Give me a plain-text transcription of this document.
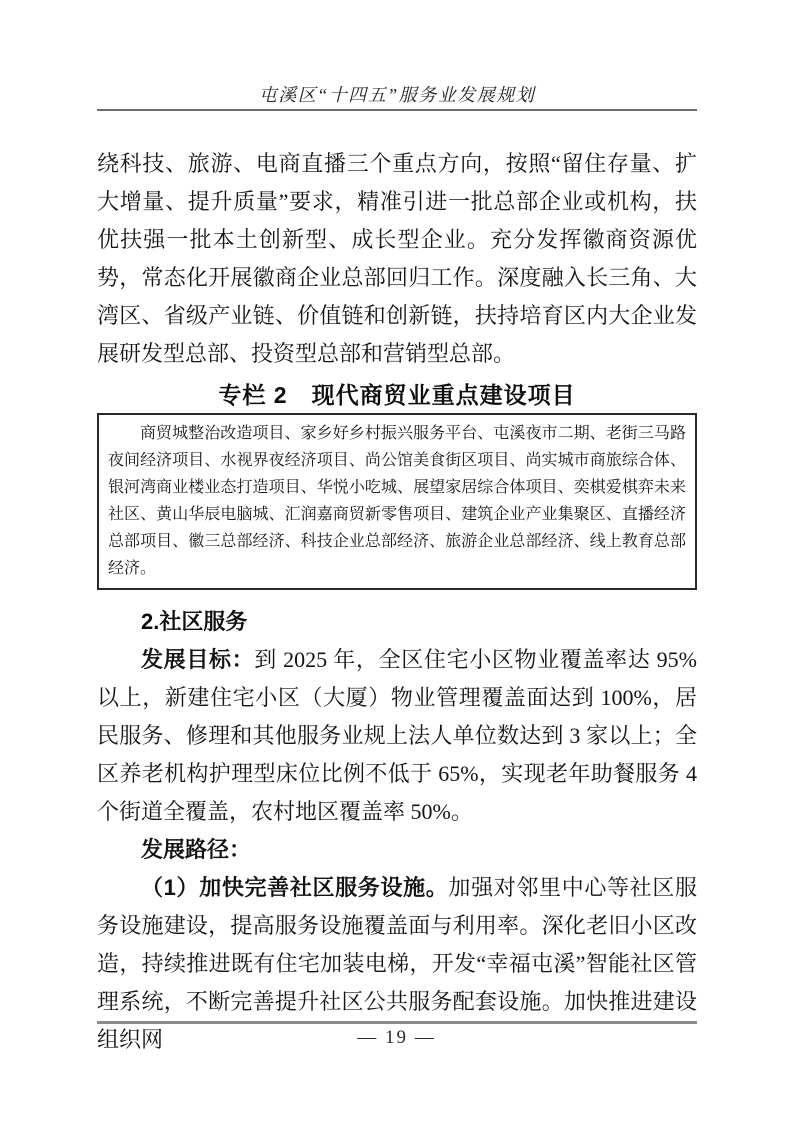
屯溪区“十四五”服务业发展规划

绕科技、旅游、电商直播三个重点方向，按照“留住存量、扩大增量、提升质量”要求，精准引进一批总部企业或机构，扶优扶强一批本土创新型、成长型企业。充分发挥徽商资源优势，常态化开展徽商企业总部回归工作。深度融入长三角、大湾区、省级产业链、价值链和创新链，扶持培育区内大企业发展研发型总部、投资型总部和营销型总部。

专栏 2　现代商贸业重点建设项目
商贸城整治改造项目、家乡好乡村振兴服务平台、屯溪夜市二期、老街三马路夜间经济项目、水视界夜经济项目、尚公馆美食街区项目、尚实城市商旅综合体、银河湾商业楼业态打造项目、华悦小吃城、展望家居综合体项目、奕棋爱棋弈未来社区、黄山华辰电脑城、汇润嘉商贸新零售项目、建筑企业产业集聚区、直播经济总部项目、徽三总部经济、科技企业总部经济、旅游企业总部经济、线上教育总部经济。

2.社区服务

发展目标：到 2025 年，全区住宅小区物业覆盖率达 95%以上，新建住宅小区（大厦）物业管理覆盖面达到 100%，居民服务、修理和其他服务业规上法人单位数达到 3 家以上；全区养老机构护理型床位比例不低于 65%，实现老年助餐服务 4 个街道全覆盖，农村地区覆盖率 50%。

发展路径：

（1）加快完善社区服务设施。加强对邻里中心等社区服务设施建设，提高服务设施覆盖面与利用率。深化老旧小区改造，持续推进既有住宅加装电梯，开发“幸福屯溪”智能社区管理系统，不断完善提升社区公共服务配套设施。加快推进建设组织网	— 19 —
